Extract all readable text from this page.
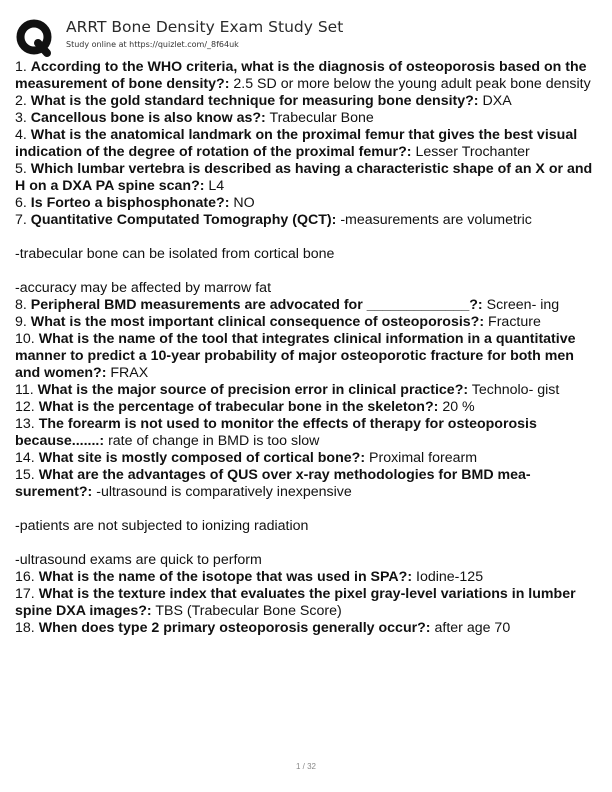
ARRT Bone Density Exam Study Set
Study online at https://quizlet.com/_8f64uk

1. According to the WHO criteria, what is the diagnosis of osteoporosis based on the measurement of bone density?: 2.5 SD or more below the young adult peak bone density

2. What is the gold standard technique for measuring bone density?: DXA

3. Cancellous bone is also know as?: Trabecular Bone

4. What is the anatomical landmark on the proximal femur that gives the best visual indication of the degree of rotation of the proximal femur?: Lesser Trochanter

5. Which lumbar vertebra is described as having a characteristic shape of an X or and H on a DXA PA spine scan?: L4

6. Is Forteo a bisphosphonate?: NO

7. Quantitative Computated Tomography (QCT): -measurements are volumetric

-trabecular bone can be isolated from cortical bone

-accuracy may be affected by marrow fat

8. Peripheral BMD measurements are advocated for _____________?: Screen- ing

9. What is the most important clinical consequence of osteoporosis?: Fracture

10. What is the name of the tool that integrates clinical information in a quantitative manner to predict a 10-year probability of major osteoporotic fracture for both men and women?: FRAX

11. What is the major source of precision error in clinical practice?: Technolo- gist

12. What is the percentage of trabecular bone in the skeleton?: 20 %

13. The forearm is not used to monitor the effects of therapy for osteoporosis because.......: rate of change in BMD is too slow

14. What site is mostly composed of cortical bone?: Proximal forearm

15. What are the advantages of QUS over x-ray methodologies for BMD mea- surement?: -ultrasound is comparatively inexpensive

-patients are not subjected to ionizing radiation

-ultrasound exams are quick to perform

16. What is the name of the isotope that was used in SPA?: Iodine-125

17. What is the texture index that evaluates the pixel gray-level variations in lumber spine DXA images?: TBS (Trabecular Bone Score)

18. When does type 2 primary osteoporosis generally occur?: after age 70

1 / 32
